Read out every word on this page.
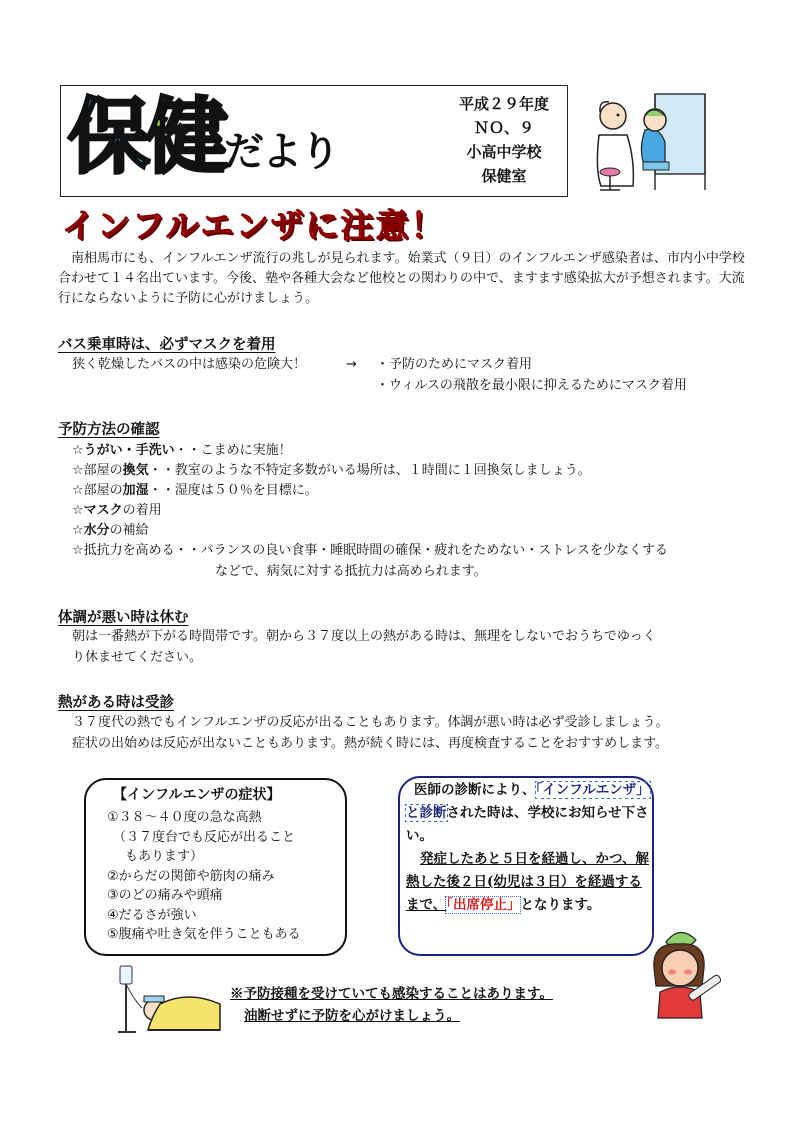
保健だより
平成２９年度
ＮＯ、９
小高中学校
保健室
インフルエンザに注意！
南相馬市にも、インフルエンザ流行の兆しが見られます。始業式（９日）のインフルエンザ感染者は、市内小中学校合わせて１４名出ています。今後、塾や各種大会など他校との関わりの中で、ますます感染拡大が予想されます。大流行にならないように予防に心がけましょう。
バス乗車時は、必ずマスクを着用
狭く乾燥したバスの中は感染の危険大！	→ ・予防のためにマスク着用
・ウィルスの飛散を最小限に抑えるためにマスク着用
予防方法の確認
☆うがい・手洗い・・こまめに実施！
☆部屋の換気・・教室のような不特定多数がいる場所は、１時間に１回換気しましょう。
☆部屋の加湿・・湿度は５０％を目標に。
☆マスクの着用
☆水分の補給
☆抵抗力を高める・・バランスの良い食事・睡眠時間の確保・疲れをためない・ストレスを少なくする
などで、病気に対する抵抗力は高められます。
体調が悪い時は休む
朝は一番熱が下がる時間帯です。朝から３７度以上の熱がある時は、無理をしないでおうちでゆっく
り休ませてください。
熱がある時は受診
３７度代の熱でもインフルエンザの反応が出ることもあります。体調が悪い時は必ず受診しましょう。
症状の出始めは反応が出ないこともあります。熱が続く時には、再度検査することをおすすめします。
【インフルエンザの症状】
①３８～４０度の急な高熱
（３７度台でも反応が出ること
もあります）
②からだの関節や筋肉の痛み
③のどの痛みや頭痛
④だるさが強い
⑤腹痛や吐き気を伴うこともある
医師の診断により、「インフルエンザ」と診断された時は、学校にお知らせ下さい。
発症したあと５日を経過し、かつ、解熱した後２日(幼児は３日）を経過するまで、「出席停止」となります。
※予防接種を受けていても感染することはあります。
油断せずに予防を心がけましょう。
